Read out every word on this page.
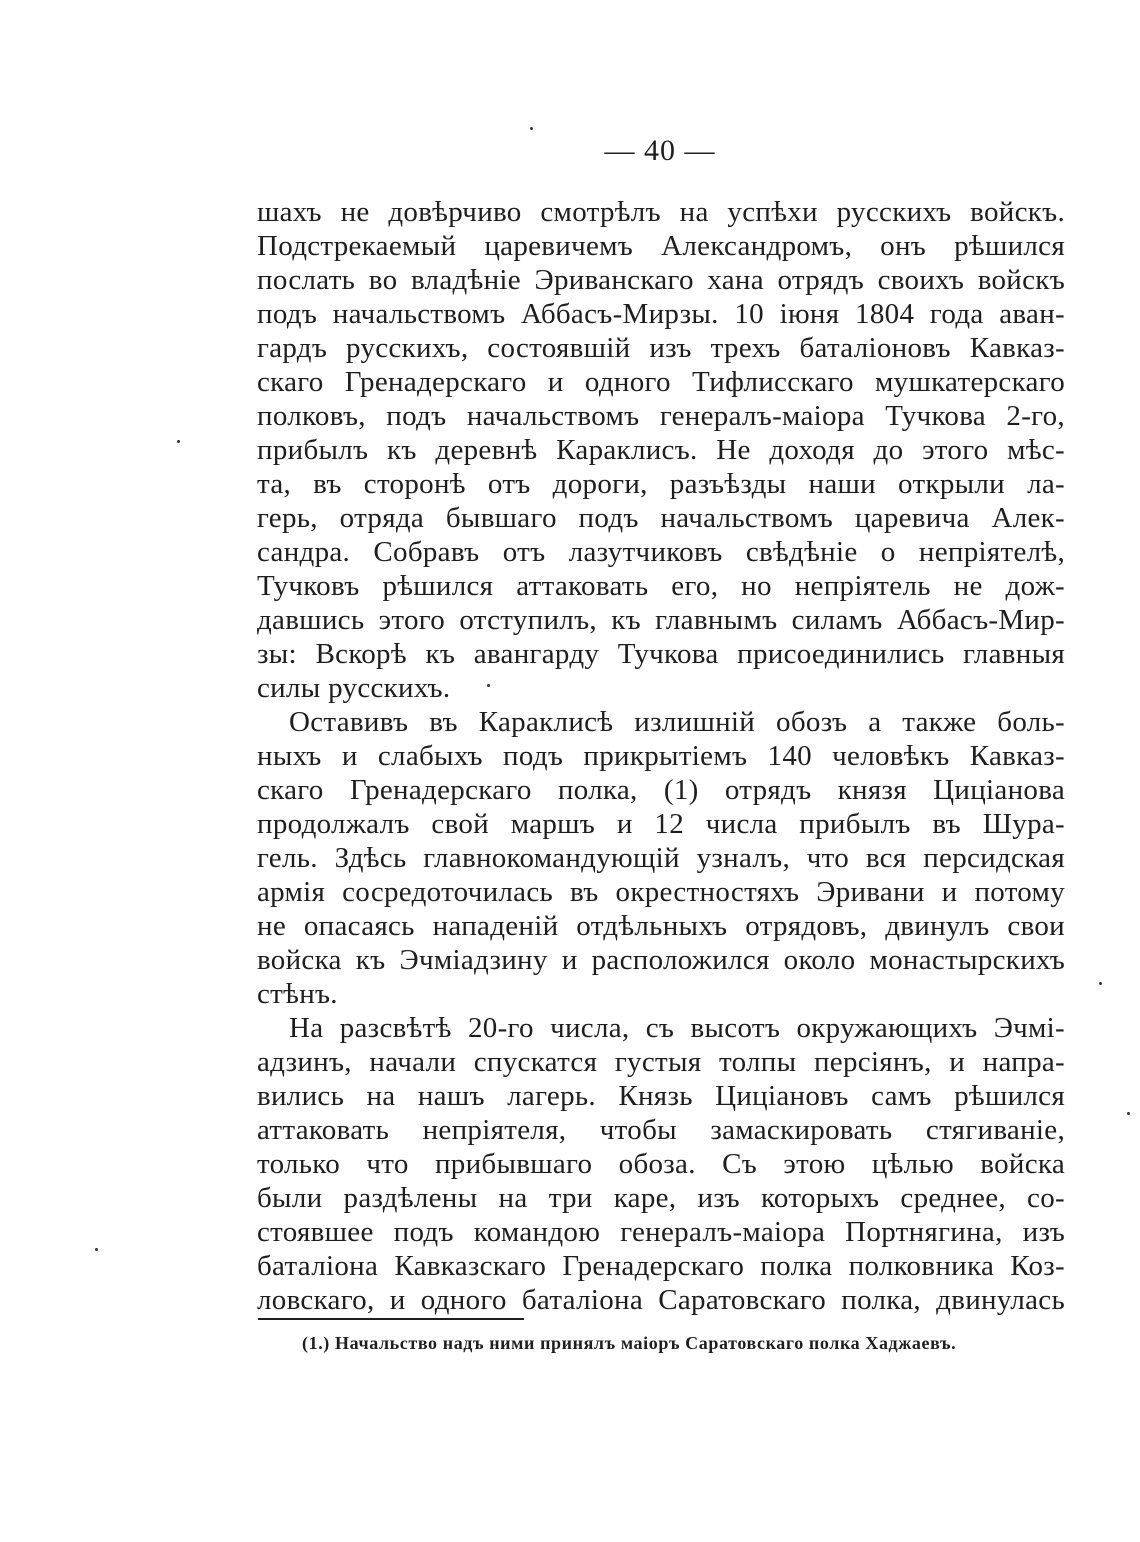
— 40 —
шахъ не довѣрчиво смотрѣлъ на успѣхи русскихъ войскъ.
Подстрекаемый царевичемъ Александромъ, онъ рѣшился
послать во владѣніе Эриванскаго хана отрядъ своихъ войскъ
подъ начальствомъ Аббасъ-Мирзы. 10 іюня 1804 года аван-
гардъ русскихъ, состоявшій изъ трехъ баталіоновъ Кавказ-
скаго Гренадерскаго и одного Тифлисскаго мушкатерскаго
полковъ, подъ начальствомъ генералъ-маіора Тучкова 2-го,
прибылъ къ деревнѣ Караклисъ. Не доходя до этого мѣс-
та, въ сторонѣ отъ дороги, разъѣзды наши открыли ла-
герь, отряда бывшаго подъ начальствомъ царевича Алек-
сандра. Собравъ отъ лазутчиковъ свѣдѣніе о непріятелѣ,
Тучковъ рѣшился аттаковать его, но непріятель не дож-
давшись этого отступилъ, къ главнымъ силамъ Аббасъ-Мир-
зы: Вскорѣ къ авангарду Тучкова присоединились главныя
силы русскихъ.
Оставивъ въ Караклисѣ излишній обозъ а также боль-
ныхъ и слабыхъ подъ прикрытіемъ 140 человѣкъ Кавказ-
скаго Гренадерскаго полка, (1) отрядъ князя Цицiанова
продолжалъ свой маршъ и 12 числа прибылъ въ Шура-
гель. Здѣсь главнокомандующій узналъ, что вся персидская
армія сосредоточилась въ окрестностяхъ Эривани и потому
не опасаясь нападеній отдѣльныхъ отрядовъ, двинулъ свои
войска къ Эчміадзину и расположился около монастырскихъ
стѣнъ.
На разсвѣтѣ 20-го числа, съ высотъ окружающихъ Эчмі-
адзинъ, начали спускатся густыя толпы персіянъ, и напра-
вились на нашъ лагерь. Князь Цицiановъ самъ рѣшился
аттаковать непріятеля, чтобы замаскировать стягиваніе,
только что прибывшаго обоза. Съ этою цѣлью войска
были раздѣлены на три каре, изъ которыхъ среднее, со-
стоявшее подъ командою генералъ-маіора Портнягина, изъ
баталіона Кавказскаго Гренадерскаго полка полковника Коз-
ловскаго, и одного баталіона Саратовскаго полка, двинулась
(1.) Начальство надъ ними принялъ маіоръ Саратовскаго полка Хаджаевъ.
